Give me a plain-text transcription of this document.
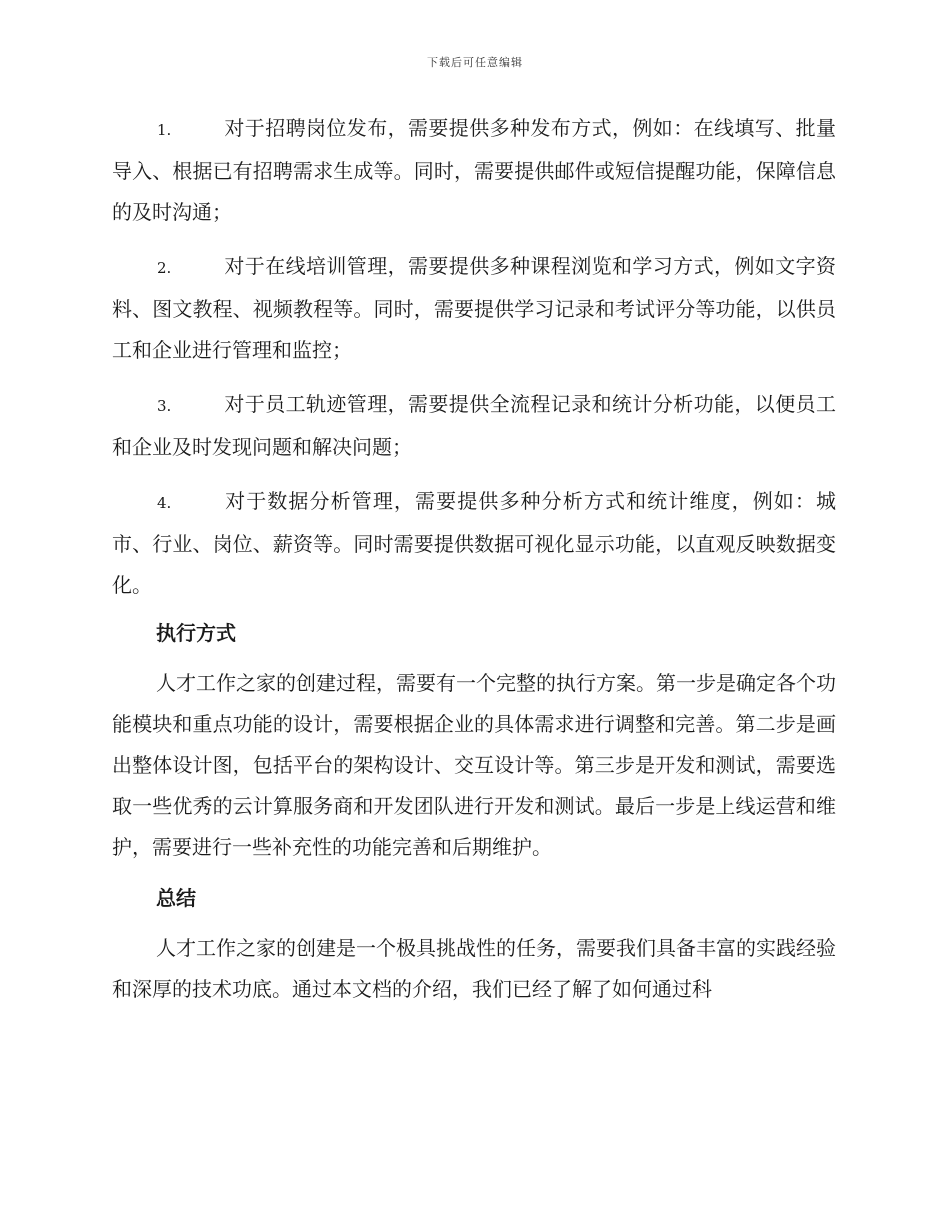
下载后可任意编辑

1.	对于招聘岗位发布，需要提供多种发布方式，例如：在线填写、批量导入、根据已有招聘需求生成等。同时，需要提供邮件或短信提醒功能，保障信息的及时沟通；

2.	对于在线培训管理，需要提供多种课程浏览和学习方式，例如文字资料、图文教程、视频教程等。同时，需要提供学习记录和考试评分等功能，以供员工和企业进行管理和监控；

3.	对于员工轨迹管理，需要提供全流程记录和统计分析功能，以便员工和企业及时发现问题和解决问题；

4.	对于数据分析管理，需要提供多种分析方式和统计维度，例如：城市、行业、岗位、薪资等。同时需要提供数据可视化显示功能，以直观反映数据变化。

执行方式

人才工作之家的创建过程，需要有一个完整的执行方案。第一步是确定各个功能模块和重点功能的设计，需要根据企业的具体需求进行调整和完善。第二步是画出整体设计图，包括平台的架构设计、交互设计等。第三步是开发和测试，需要选取一些优秀的云计算服务商和开发团队进行开发和测试。最后一步是上线运营和维护，需要进行一些补充性的功能完善和后期维护。

总结

人才工作之家的创建是一个极具挑战性的任务，需要我们具备丰富的实践经验和深厚的技术功底。通过本文档的介绍，我们已经了解了如何通过科
